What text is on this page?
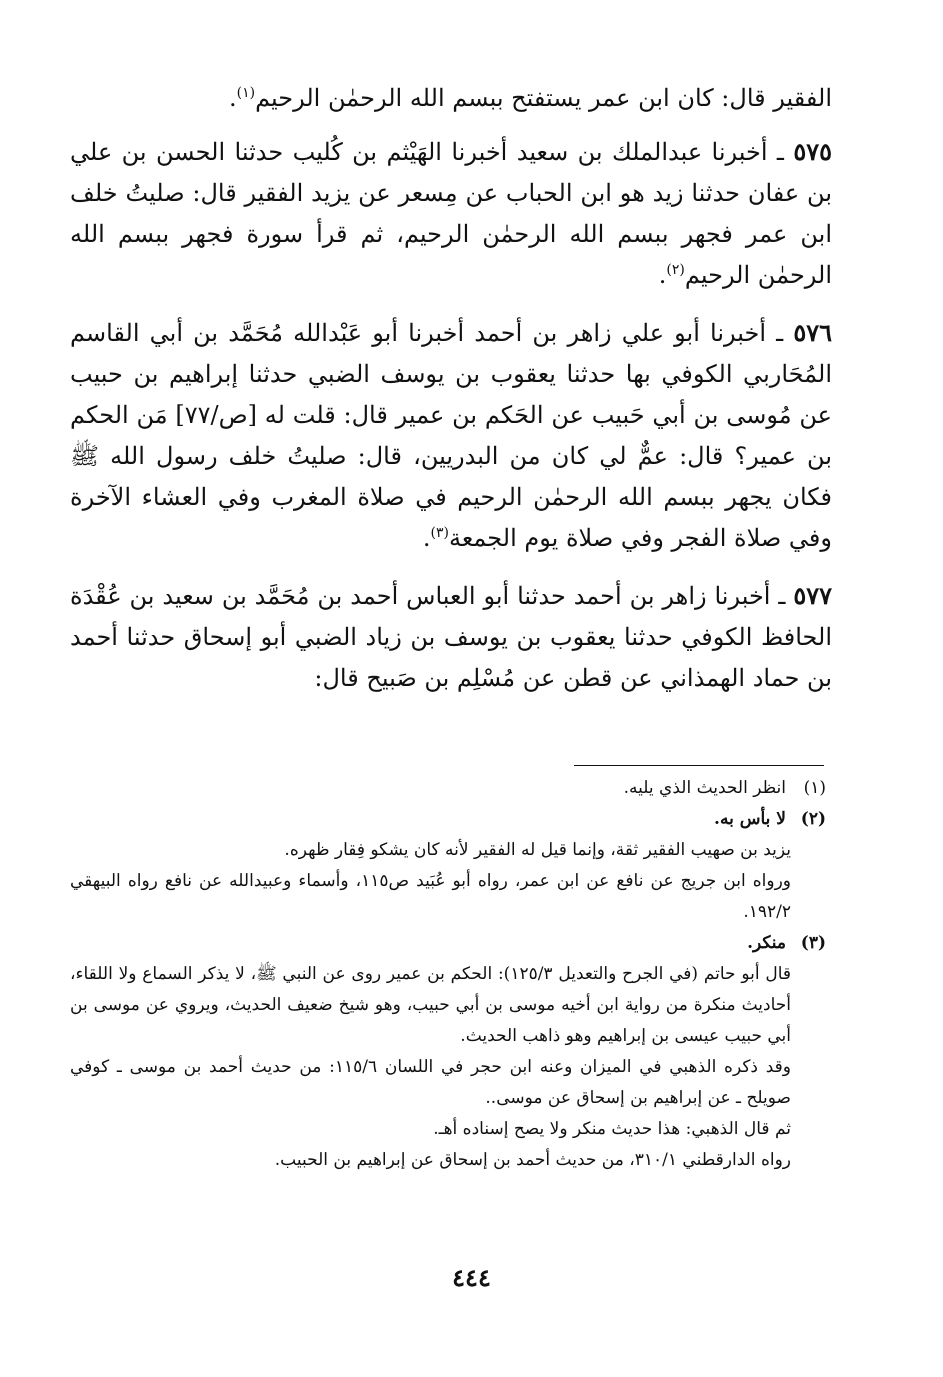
الفقير قال: كان ابن عمر يستفتح ببسم الله الرحمٰن الرحيم$^{(١)}$.

٥٧٥ ـ أخبرنا عبدالملك بن سعيد أخبرنا الهَيْثم بن كُليب حدثنا الحسن بن علي بن عفان حدثنا زيد هو ابن الحباب عن مِسعر عن يزيد الفقير قال: صليتُ خلف ابن عمر فجهر ببسم الله الرحمٰن الرحيم، ثم قرأ سورة فجهر ببسم الله الرحمٰن الرحيم$^{(٢)}$.

٥٧٦ ـ أخبرنا أبو علي زاهر بن أحمد أخبرنا أبو عَبْدالله مُحَمَّد بن أبي القاسم المُحَاربي الكوفي بها حدثنا يعقوب بن يوسف الضبي حدثنا إبراهيم بن حبيب عن مُوسى بن أبي حَبيب عن الحَكم بن عمير قال: قلت له [ص/٧٧] مَن الحكم بن عمير؟ قال: عمٌّ لي كان من البدريين، قال: صليتُ خلف رسول الله ﷺ فكان يجهر ببسم الله الرحمٰن الرحيم في صلاة المغرب وفي العشاء الآخرة وفي صلاة الفجر وفي صلاة يوم الجمعة$^{(٣)}$.

٥٧٧ ـ أخبرنا زاهر بن أحمد حدثنا أبو العباس أحمد بن مُحَمَّد بن سعيد بن عُقْدَة الحافظ الكوفي حدثنا يعقوب بن يوسف بن زياد الضبي أبو إسحاق حدثنا أحمد بن حماد الهمذاني عن قطن عن مُسْلِم بن صَبيح قال:

(١)
انظر الحديث الذي يليه.
(٢)
لا بأس به.
يزيد بن صهيب الفقير ثقة، وإنما قيل له الفقير لأنه كان يشكو فِقار ظهره.
ورواه ابن جريج عن نافع عن ابن عمر، رواه أبو عُبَيد ص١١٥، وأسماء وعبيدالله عن نافع رواه البيهقي ١٩٢/٢.
(٣)
منكر.
قال أبو حاتم (في الجرح والتعديل ١٢٥/٣): الحكم بن عمير روى عن النبي ﷺ، لا يذكر السماع ولا اللقاء، أحاديث منكرة من رواية ابن أخيه موسى بن أبي حبيب، وهو شيخ ضعيف الحديث، ويروي عن موسى بن أبي حبيب عيسى بن إبراهيم وهو ذاهب الحديث.
وقد ذكره الذهبي في الميزان وعنه ابن حجر في اللسان ١١٥/٦: من حديث أحمد بن موسى ـ كوفي صويلح ـ عن إبراهيم بن إسحاق عن موسى..
ثم قال الذهبي: هذا حديث منكر ولا يصح إسناده أهـ.
رواه الدارقطني ٣١٠/١، من حديث أحمد بن إسحاق عن إبراهيم بن الحبيب.
٤٤٤
